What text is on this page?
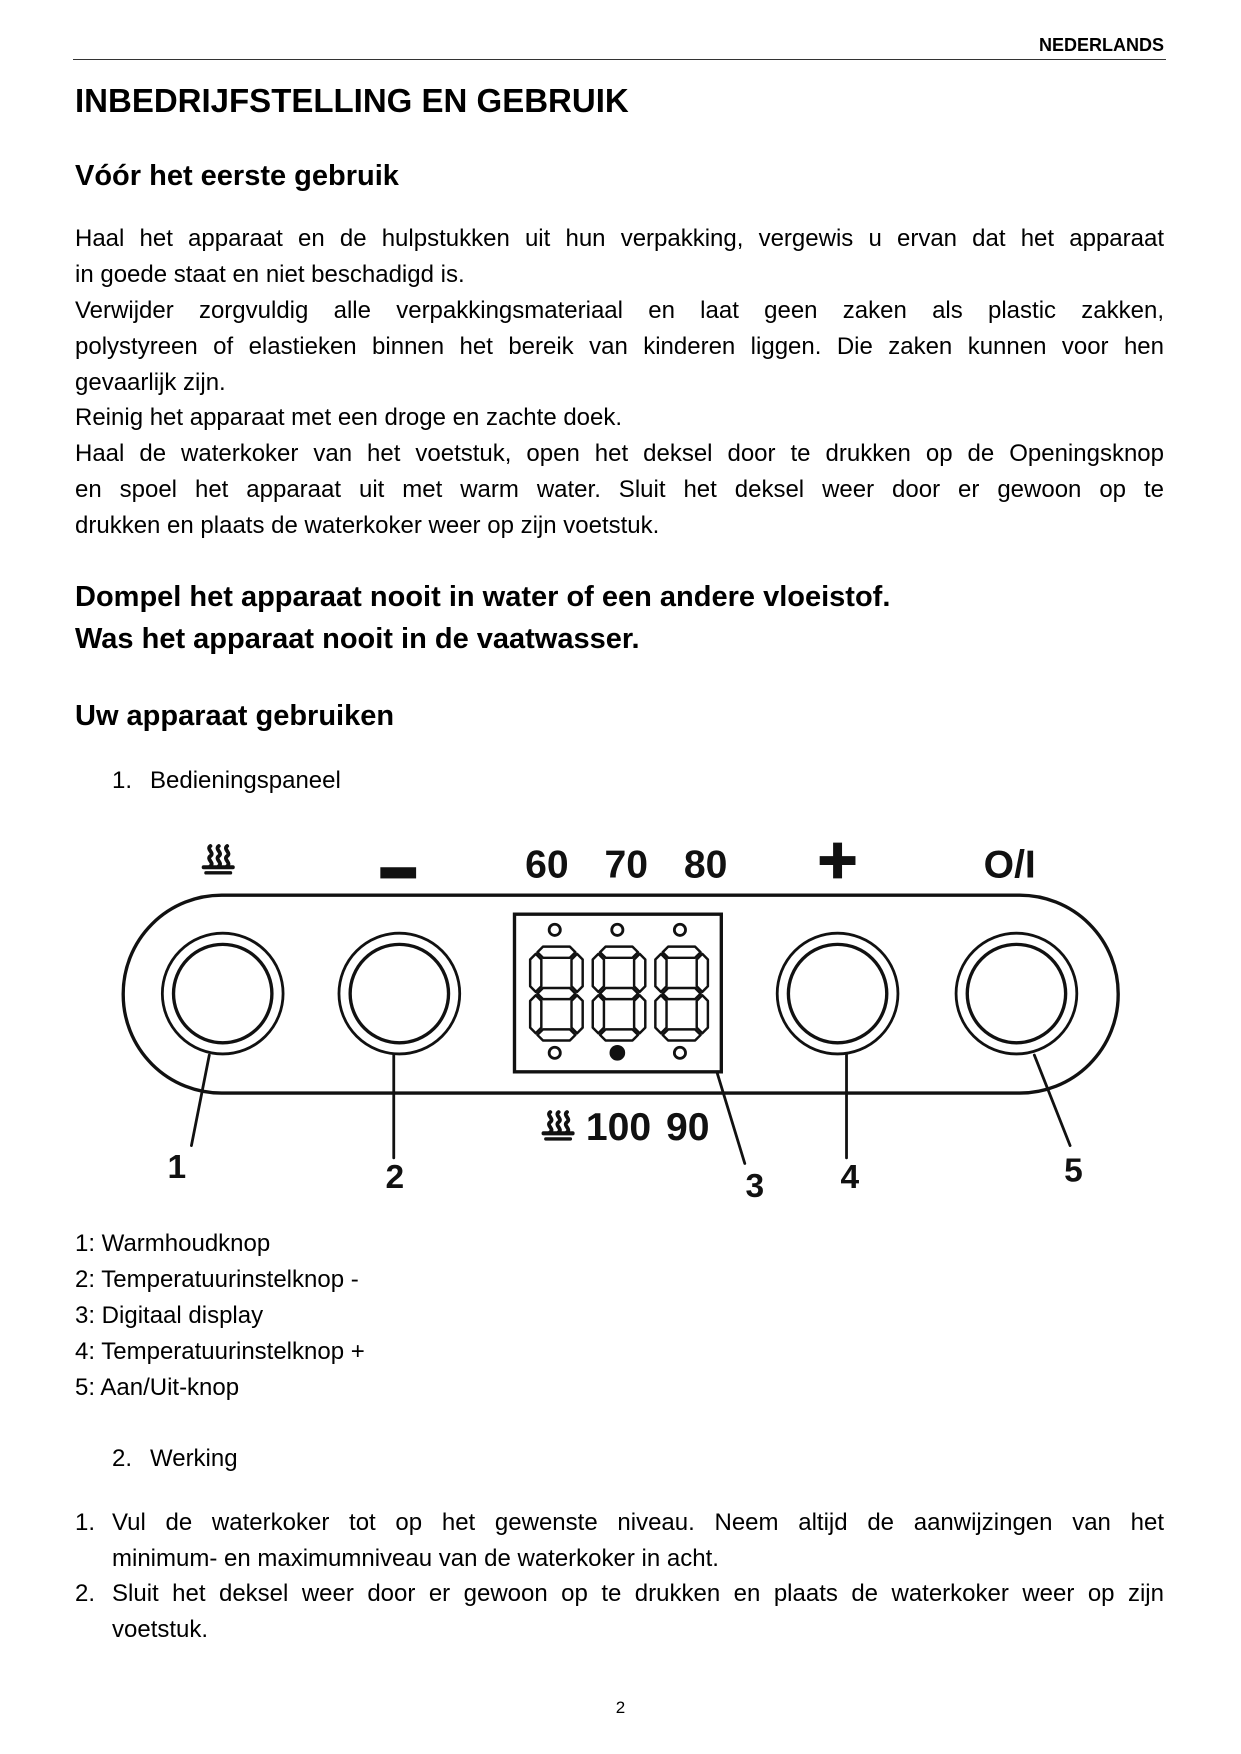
NEDERLANDS
INBEDRIJFSTELLING EN GEBRUIK
Vóór het eerste gebruik
Haal het apparaat en de hulpstukken uit hun verpakking, vergewis u ervan dat het apparaat
in goede staat en niet beschadigd is.
Verwijder zorgvuldig alle verpakkingsmateriaal en laat geen zaken als plastic zakken,
polystyreen of elastieken binnen het bereik van kinderen liggen. Die zaken kunnen voor hen
gevaarlijk zijn.
Reinig het apparaat met een droge en zachte doek.
Haal de waterkoker van het voetstuk, open het deksel door te drukken op de Openingsknop
en spoel het apparaat uit met warm water. Sluit het deksel weer door er gewoon op te
drukken en plaats de waterkoker weer op zijn voetstuk.
Dompel het apparaat nooit in water of een andere vloeistof.
Was het apparaat nooit in de vaatwasser.
Uw apparaat gebruiken
1. Bedieningspaneel
60 70 80	O/I
100 90
1	2	3	4	5
1: Warmhoudknop
2: Temperatuurinstelknop -
3: Digitaal display
4: Temperatuurinstelknop +
5: Aan/Uit-knop
2. Werking
1. Vul de waterkoker tot op het gewenste niveau. Neem altijd de aanwijzingen van het
minimum- en maximumniveau van de waterkoker in acht.
2. Sluit het deksel weer door er gewoon op te drukken en plaats de waterkoker weer op zijn
voetstuk.
2
